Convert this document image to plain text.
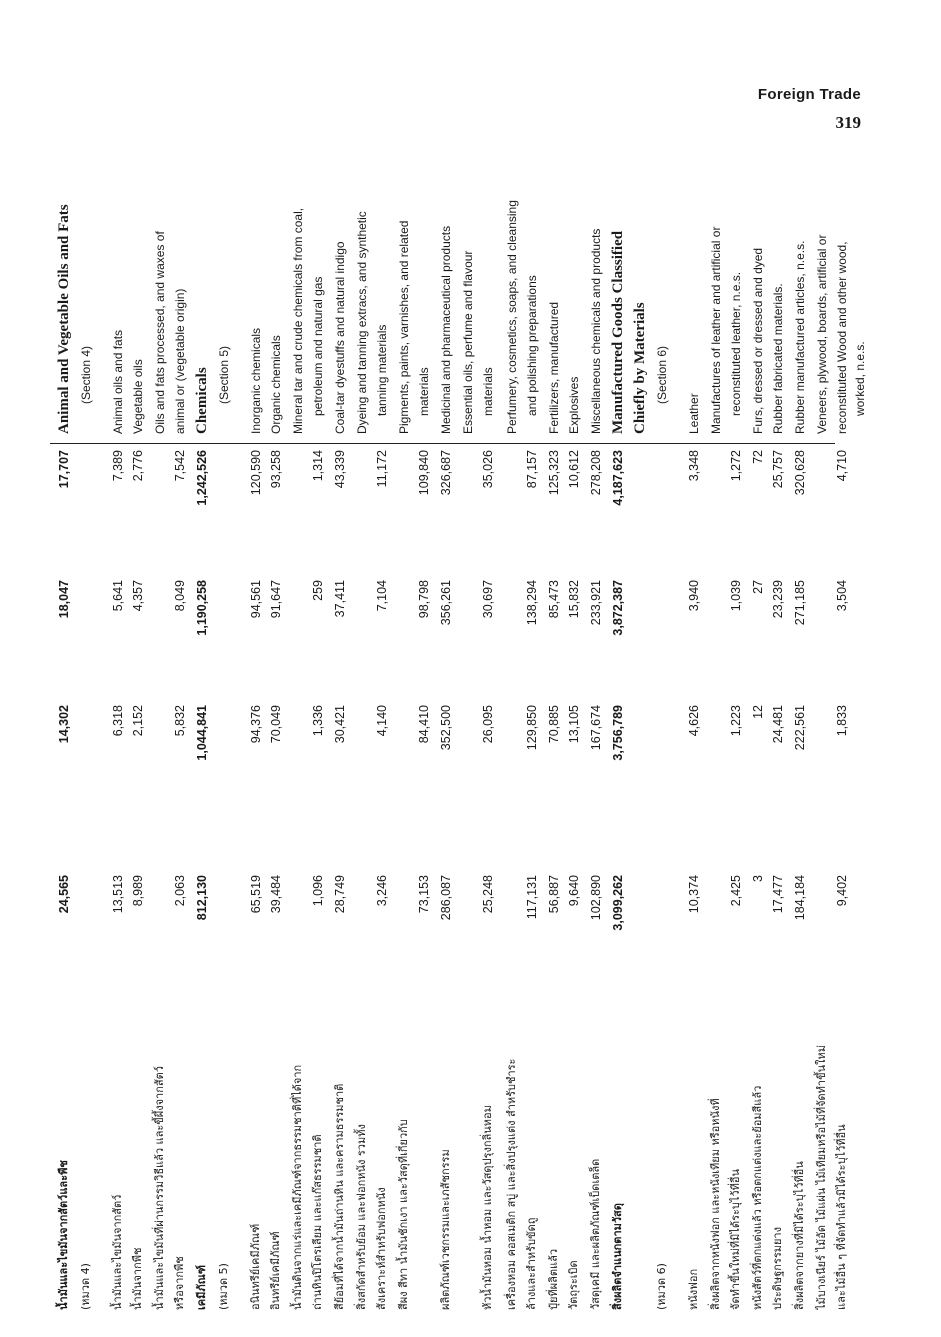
Foreign Trade
319
น้ำมันและไขมันจากสัตว์และพืช
24,565
14,302
18,047
17,707
Animal and Vegetable Oils and Fats
(หมวด 4)
(Section 4)
น้ำมันและไขมันจากสัตว์
13,513
6,318
5,641
7,389
Animal oils and fats
น้ำมันจากพืช
8,989
2,152
4,357
2,776
Vegetable oils
น้ำมันและไขมันที่ผ่านกรรมวิธีแล้ว และขี้ผึ้งจากสัตว์
Oils and fats processed, and waxes of
หรือจากพืช
2,063
5,832
8,049
7,542
animal or (vegetable origin)
เคมีภัณฑ์
812,130
1,044,841
1,190,258
1,242,526
Chemicals
(หมวด 5)
(Section 5)
อนินทรีย์เคมีภัณฑ์
65,519
94,376
94,561
120,590
Inorganic chemicals
อินทรีย์เคมีภัณฑ์
39,484
70,049
91,647
93,258
Organic chemicals
น้ำมันดินจากแร่และเคมีภัณฑ์จากธรรมชาติที่ได้จาก
Mineral tar and crude chemicals from coal,
ถ่านหินปิโตรเลียม และแก๊สธรรมชาติ
1,096
1,336
259
1,314
petroleum and natural gas
สีย้อมที่ได้จากน้ำมันถ่านหิน และครามธรรมชาติ
28,749
30,421
37,411
43,339
Coal-tar dyestuffs and natural indigo
สิ่งสกัดสำหรับย้อม และฟอกหนัง รวมทั้ง
Dyeing and tanning extracs, and synthetic
สังเคราะห์สำหรับฟอกหนัง
3,246
4,140
7,104
11,172
tanning materials
สีผง สีทา น้ำมันชักเงา และวัสดุที่เกี่ยวกับ
Pigments, paints, varnishes, and related
73,153
84,410
98,798
109,840
materials
ผลิตภัณฑ์เวชกรรมและเภสัชกรรม
286,087
352,500
356,261
326,687
Medicinal and pharmaceutical products Essential oils, perfume and flavour
หัวน้ำมันหอม น้ำหอม และวัสดุปรุงกลิ่นหอม
25,248
26,095
30,697
35,026
materials
เครื่องหอม คอสเมติก สบู่ และสิ่งปรุงแต่ง สำหรับชำระ
Perfumery, cosmetics, soaps, and cleansing
ล้างและสำหรับขัดถู
117,131
129,850
138,294
87,157
and polishing preparations
ปุ๋ยที่ผลิตแล้ว
56,887
70,885
85,473
125,323
Fertilizers, manufactured
วัตถุระเบิด
9,640
13,105
15,832
10,612
Explosives
วัสดุเคมี และผลิตภัณฑ์เบ็ดเตล็ด
102,890
167,674
233,921
278,208
Miscellaneous chemicals and products
สิ่งผลิตจำแนกตามวัสดุ
3,099,262
3,756,789
3,872,387
4,187,623
Manufactured Goods Classified Chiefly by Materials
(หมวด 6)
(Section 6)
หนังฟอก
10,374
4,626
3,940
3,348
Leather
สิ่งผลิตจากหนังฟอก และหนังเทียม หรือหนังที่
Manufactures of leather and artificial or
จัดทำขึ้นใหม่ที่มิได้ระบุไว้ที่อื่น
2,425
1,223
1,039
1,272
reconstituted leather, n.e.s.
หนังสัตว์ที่ตกแต่งแล้ว หรือตกแต่งและย้อมสีแล้ว
3
12
27
72
Furs, dressed or dressed and dyed
ประดิษฐกรรมยาง
17,477
24,481
23,239
25,757
Rubber fabricated materials.
สิ่งผลิตจากยางที่มิได้ระบุไว้ที่อื่น
184,184
222,561
271,185
320,628
Rubber manufactured articles, n.e.s.
ไม้บางเนียร์ ไม้อัด ไม้แผ่น ไม้เทียมหรือไม้ที่จัดทำขึ้นใหม่
Veneers, plywood, boards, artificial or
และไม้อื่น ๆ ที่จัดทำแล้วมิได้ระบุไว้ที่อื่น
9,402
1,833
3,504
4,710
reconstituted Wood and other wood, worked, n.e.s.
